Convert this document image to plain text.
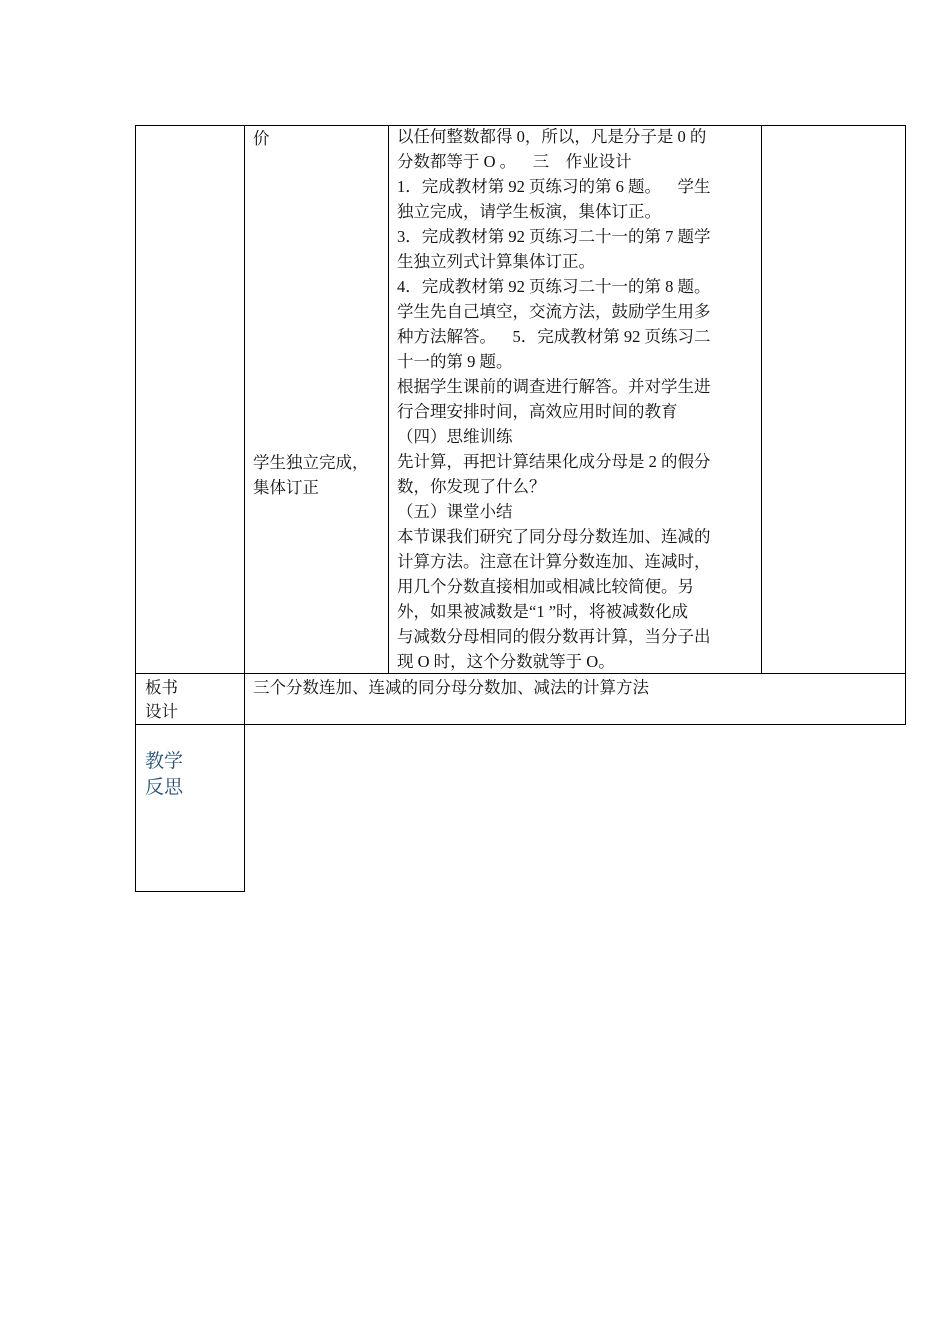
价
学生独立完成，
集体订正
以任何整数都得 0，所以，凡是分子是 0 的
分数都等于 O 。    三    作业设计
1．完成教材第 92 页练习的第 6 题。    学生
独立完成，请学生板演，集体订正。
3．完成教材第 92 页练习二十一的第 7 题学
生独立列式计算集体订正。
4．完成教材第 92 页练习二十一的第 8 题。
学生先自己填空，交流方法，鼓励学生用多
种方法解答。    5．完成教材第 92 页练习二
十一的第 9 题。
根据学生课前的调查进行解答。并对学生进
行合理安排时间，高效应用时间的教育
（四）思维训练
先计算，再把计算结果化成分母是 2 的假分
数，你发现了什么？
（五）课堂小结
本节课我们研究了同分母分数连加、连减的
计算方法。注意在计算分数连加、连减时，
用几个分数直接相加或相减比较简便。另
外，如果被减数是“1 ”时，将被减数化成
与减数分母相同的假分数再计算，当分子出
现 O 时，这个分数就等于 O。
板书
设计
三个分数连加、连减的同分母分数加、减法的计算方法
教学
反思
